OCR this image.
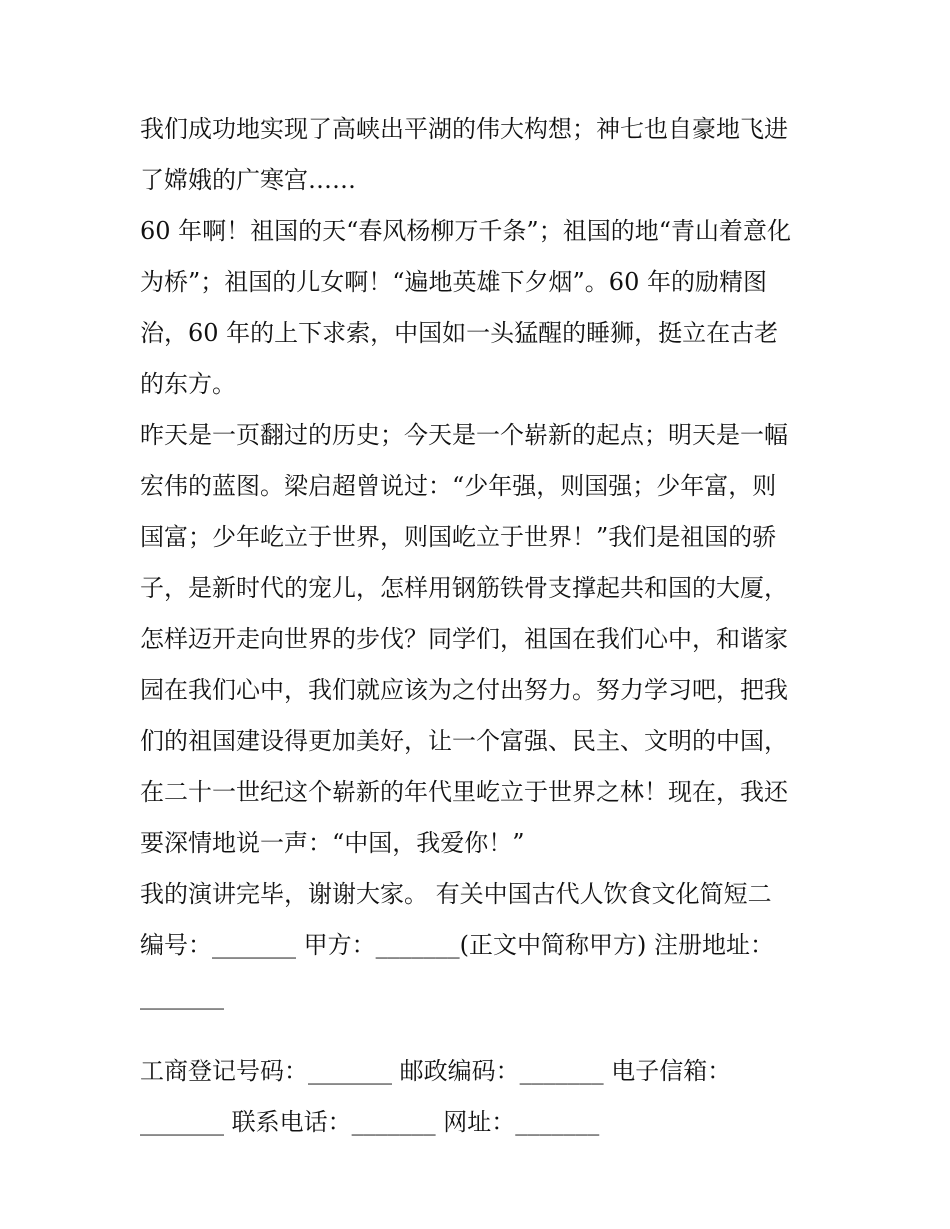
我们成功地实现了高峡出平湖的伟大构想；神七也自豪地飞进
了嫦娥的广寒宫……
60 年啊！祖国的天“春风杨柳万千条”；祖国的地“青山着意化
为桥”；祖国的儿女啊！“遍地英雄下夕烟”。60 年的励精图
治，60 年的上下求索，中国如一头猛醒的睡狮，挺立在古老
的东方。
昨天是一页翻过的历史；今天是一个崭新的起点；明天是一幅
宏伟的蓝图。梁启超曾说过：“少年强，则国强；少年富，则
国富；少年屹立于世界，则国屹立于世界！”我们是祖国的骄
子，是新时代的宠儿，怎样用钢筋铁骨支撑起共和国的大厦，
怎样迈开走向世界的步伐？同学们，祖国在我们心中，和谐家
园在我们心中，我们就应该为之付出努力。努力学习吧，把我
们的祖国建设得更加美好，让一个富强、民主、文明的中国，
在二十一世纪这个崭新的年代里屹立于世界之林！现在，我还
要深情地说一声：“中国，我爱你！”
我的演讲完毕，谢谢大家。 有关中国古代人饮食文化简短二
编号：_______ 甲方：_______(正文中简称甲方) 注册地址：
_______
工商登记号码：_______ 邮政编码：_______ 电子信箱：
_______ 联系电话：_______ 网址：_______
